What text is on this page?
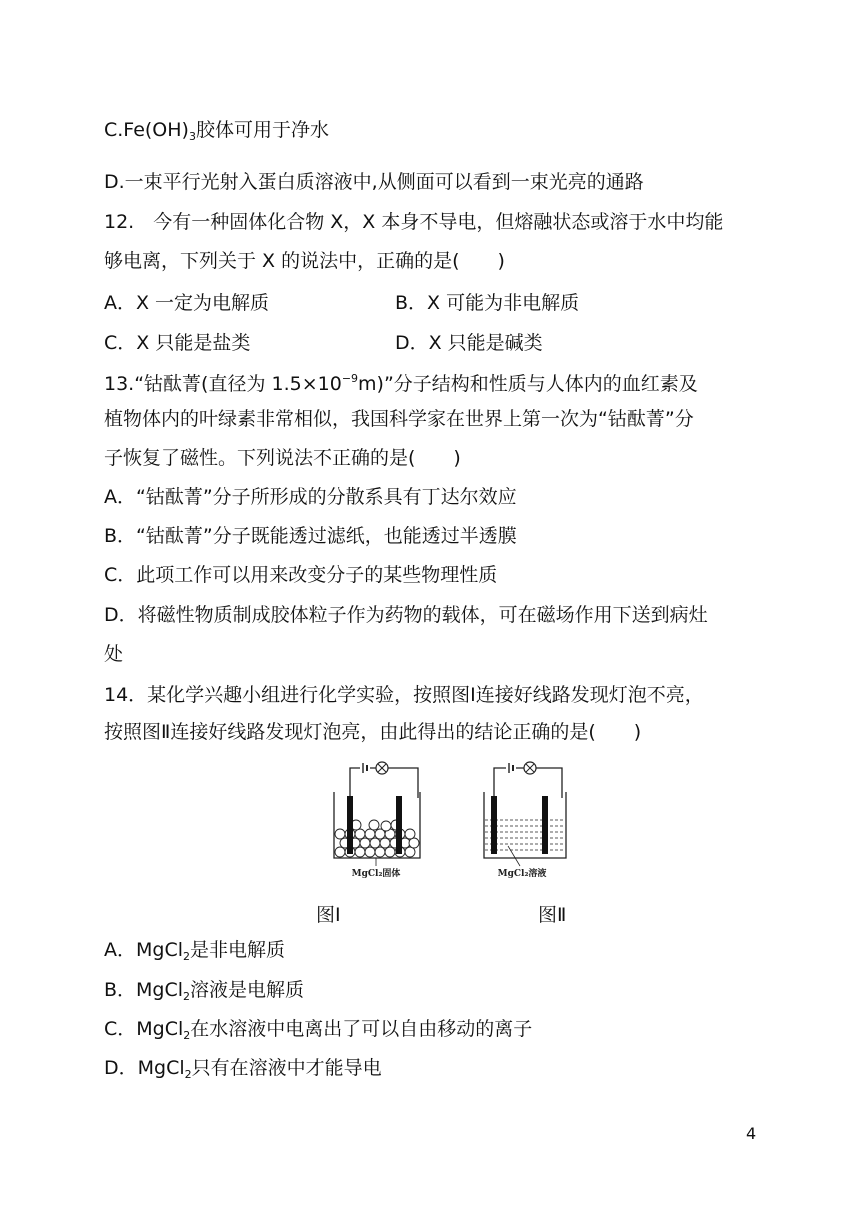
$C.Fe(OH)_3$胶体可用于净水
D.一束平行光射入蛋白质溶液中,从侧面可以看到一束光亮的通路
12.　今有一种固体化合物 X，X 本身不导电，但熔融状态或溶于水中均能
够电离，下列关于 X 的说法中，正确的是(　　)
A．X 一定为电解质	B．X 可能为非电解质
C．X 只能是盐类	D．X 只能是碱类
13.“钴酞菁(直径为 $1.5\times 10^{-9}m$)”分子结构和性质与人体内的血红素及
植物体内的叶绿素非常相似，我国科学家在世界上第一次为“钴酞菁”分
子恢复了磁性。下列说法不正确的是(　　)
A．“钴酞菁”分子所形成的分散系具有丁达尔效应
B．“钴酞菁”分子既能透过滤纸，也能透过半透膜
C．此项工作可以用来改变分子的某些物理性质
D．将磁性物质制成胶体粒子作为药物的载体，可在磁场作用下送到病灶
处
14．某化学兴趣小组进行化学实验，按照图Ⅰ连接好线路发现灯泡不亮，
按照图Ⅱ连接好线路发现灯泡亮，由此得出的结论正确的是(　　)
MgCl₂固体	MgCl₂溶液
图Ⅰ	图Ⅱ
A．MgCl$_2$是非电解质
B．MgCl$_2$溶液是电解质
C．MgCl$_2$在水溶液中电离出了可以自由移动的离子
D．MgCl$_2$只有在溶液中才能导电
4
